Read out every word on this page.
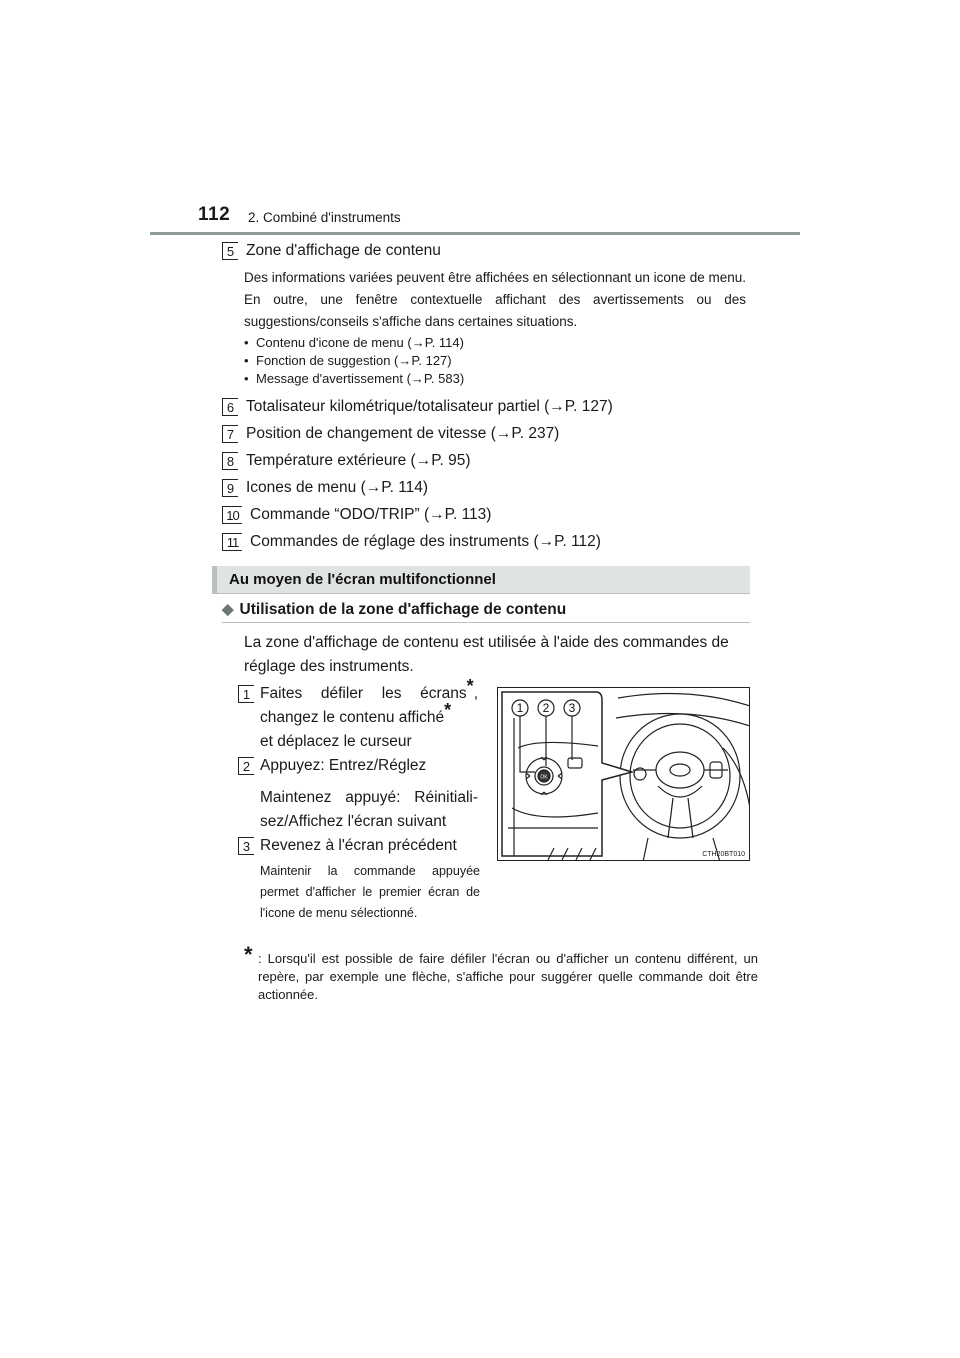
112 2. Combiné d'instruments
5 Zone d'affichage de contenu
Des informations variées peuvent être affichées en sélectionnant un icone de menu. En outre, une fenêtre contextuelle affichant des avertissements ou des suggestions/conseils s'affiche dans certaines situations.
• Contenu d'icone de menu (→P. 114)
• Fonction de suggestion (→P. 127)
• Message d'avertissement (→P. 583)
6 Totalisateur kilométrique/totalisateur partiel (→P. 127)
7 Position de changement de vitesse (→P. 237)
8 Température extérieure (→P. 95)
9 Icones de menu (→P. 114)
10 Commande “ODO/TRIP” (→P. 113)
11 Commandes de réglage des instruments (→P. 112)
Au moyen de l'écran multifonctionnel
◆ Utilisation de la zone d'affichage de contenu
La zone d'affichage de contenu est utilisée à l'aide des commandes de réglage des instruments.
1 Faites défiler les écrans*,
changez le contenu affiché*
et déplacez le curseur
2 Appuyez: Entrez/Réglez
Maintenez appuyé: Réinitiali-
sez/Affichez l'écran suivant
3 Revenez à l'écran précédent
Maintenir la commande appuyée permet d'afficher le premier écran de l'icone de menu sélectionné.
1 2 3
OK
CTH20BT010
* : Lorsqu'il est possible de faire défiler l'écran ou d'afficher un contenu différent, un repère, par exemple une flèche, s'affiche pour suggérer quelle commande doit être actionnée.
